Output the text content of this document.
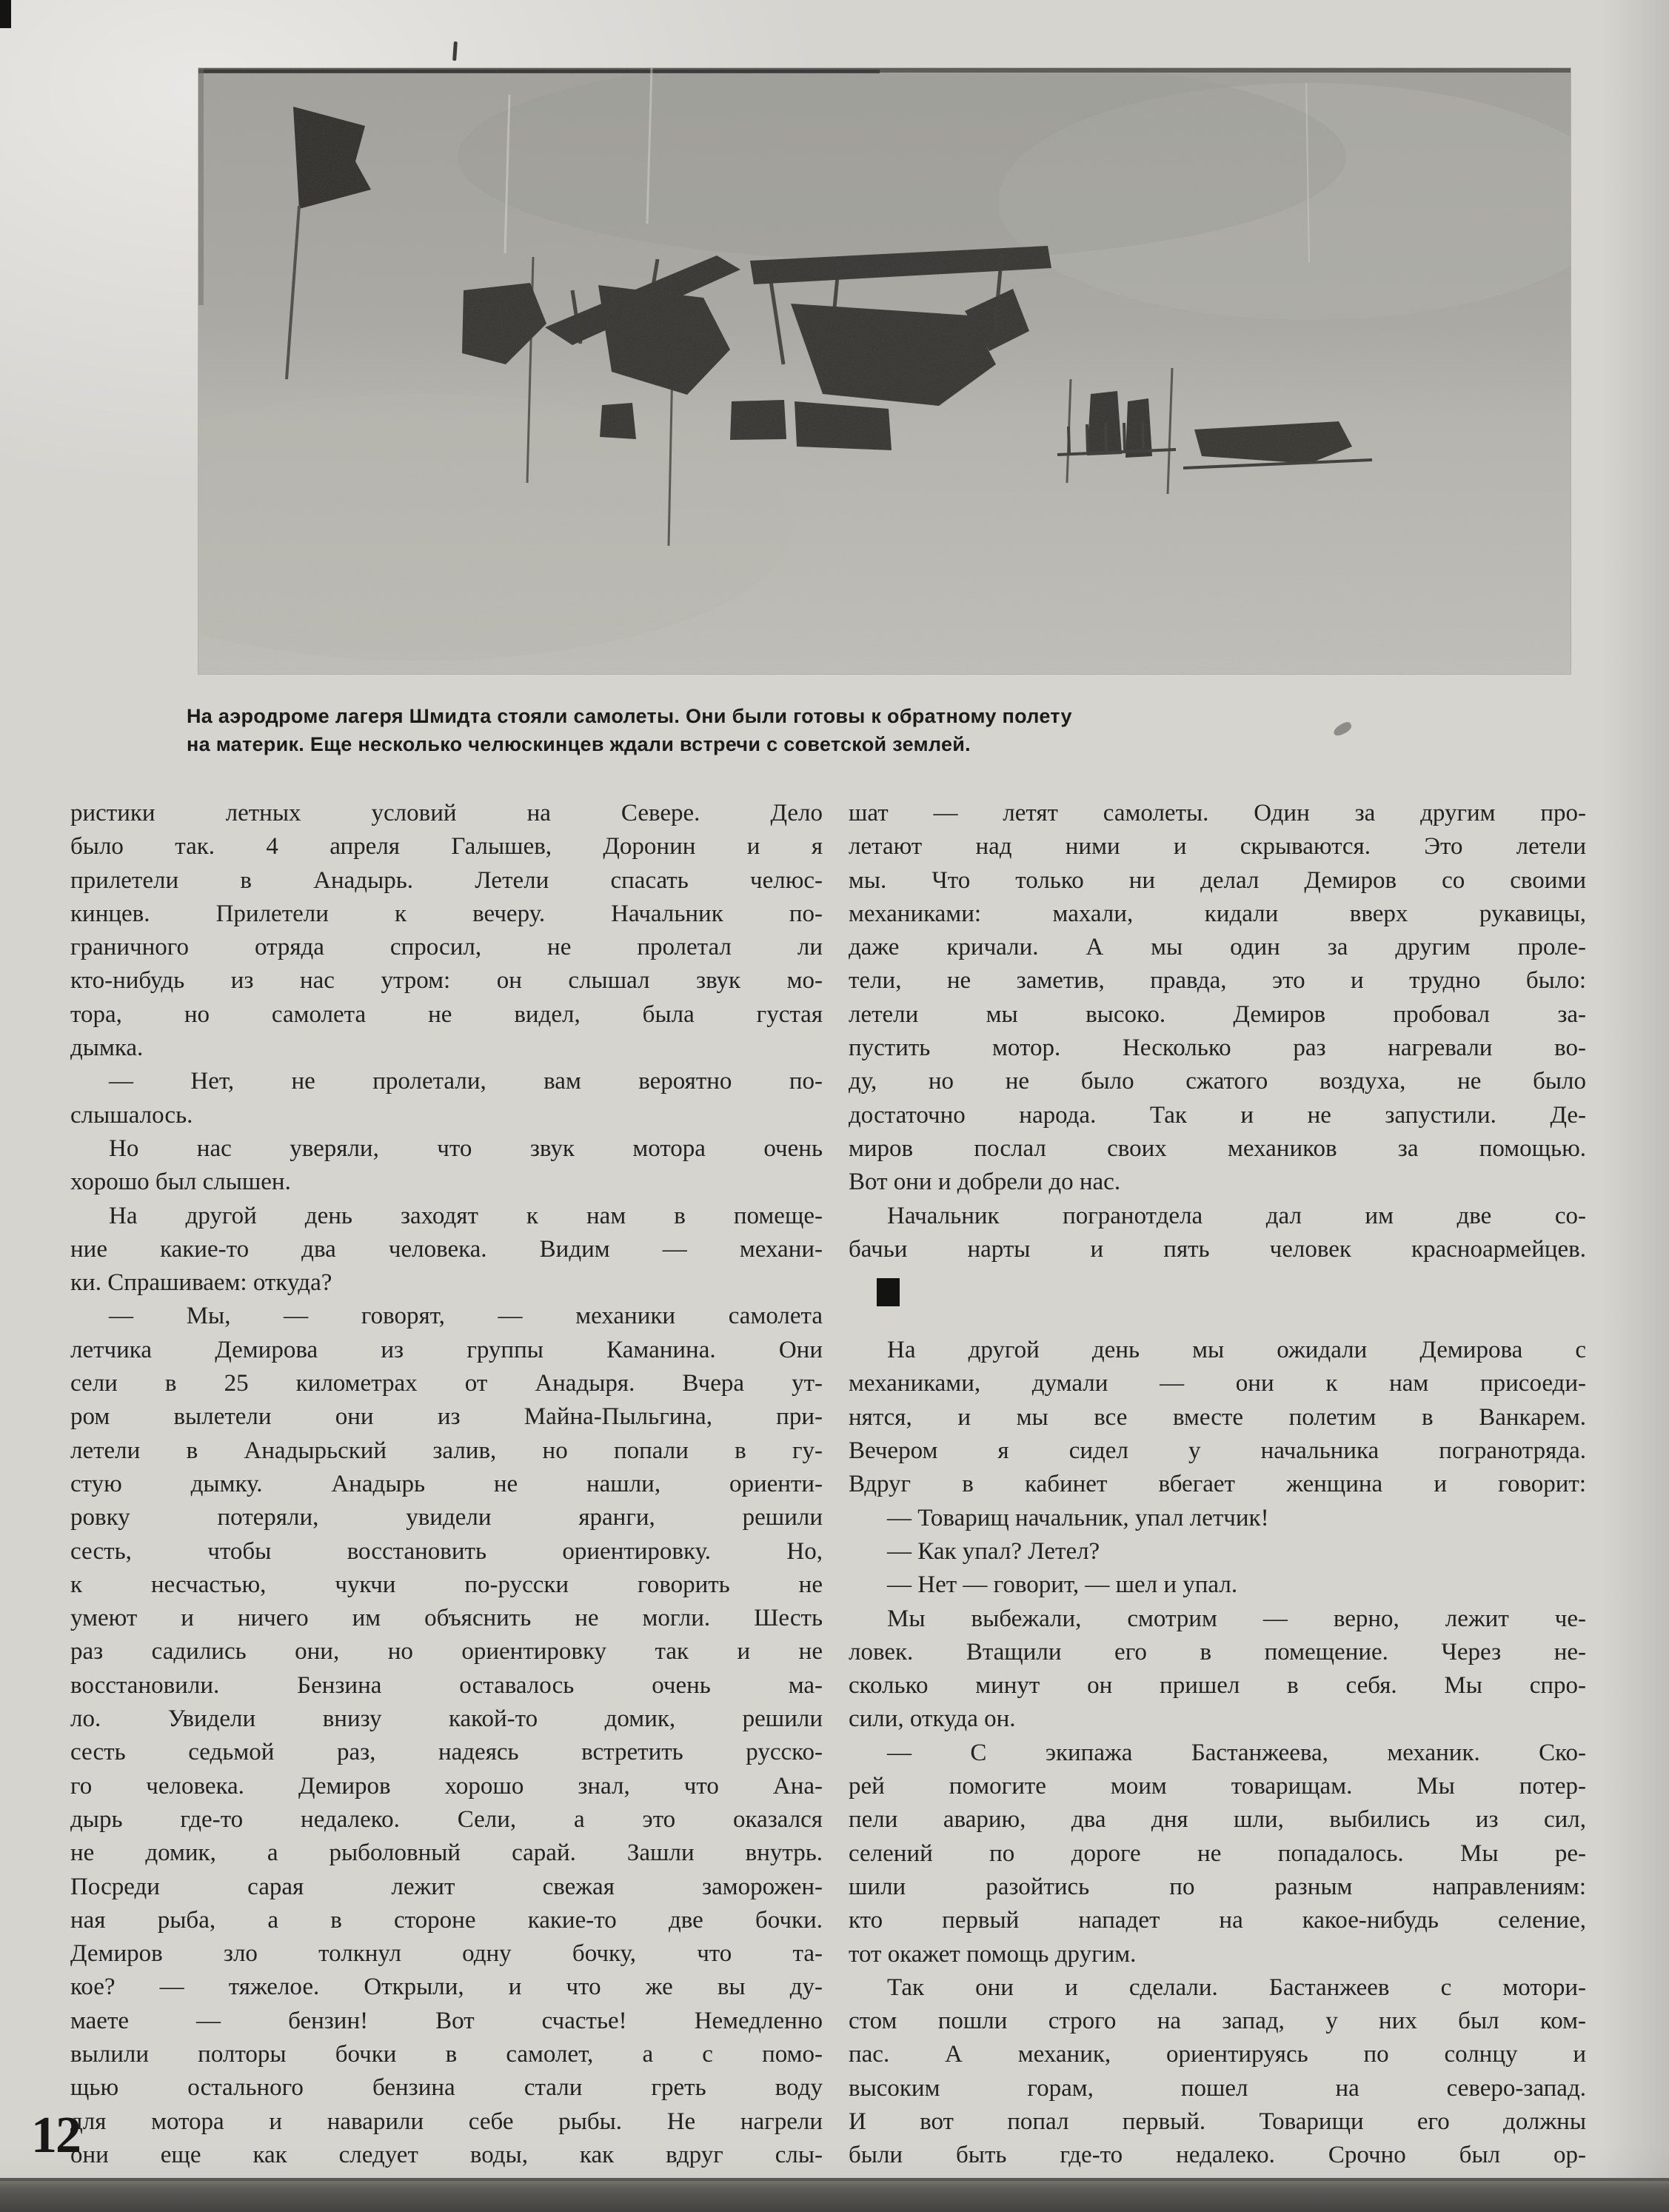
На аэродроме лагеря Шмидта стояли самолеты. Они были готовы к обратному полету
на материк. Еще несколько челюскинцев ждали встречи с советской землей.
ристики летных условий на Севере. Дело
было так. 4 апреля Галышев, Доронин и я
прилетели в Анадырь. Летели спасать челюс-
кинцев. Прилетели к вечеру. Начальник по-
граничного отряда спросил, не пролетал ли
кто-нибудь из нас утром: он слышал звук мо-
тора, но самолета не видел, была густая
дымка.
— Нет, не пролетали, вам вероятно по-
слышалось.
Но нас уверяли, что звук мотора очень
хорошо был слышен.
На другой день заходят к нам в помеще-
ние какие-то два человека. Видим — механи-
ки. Спрашиваем: откуда?
— Мы, — говорят, — механики самолета
летчика Демирова из группы Каманина. Они
сели в 25 километрах от Анадыря. Вчера ут-
ром вылетели они из Майна-Пыльгина, при-
летели в Анадырьский залив, но попали в гу-
стую дымку. Анадырь не нашли, ориенти-
ровку потеряли, увидели яранги, решили
сесть, чтобы восстановить ориентировку. Но,
к несчастью, чукчи по-русски говорить не
умеют и ничего им объяснить не могли. Шесть
раз садились они, но ориентировку так и не
восстановили. Бензина оставалось очень ма-
ло. Увидели внизу какой-то домик, решили
сесть седьмой раз, надеясь встретить русско-
го человека. Демиров хорошо знал, что Ана-
дырь где-то недалеко. Сели, а это оказался
не домик, а рыболовный сарай. Зашли внутрь.
Посреди сарая лежит свежая заморожен-
ная рыба, а в стороне какие-то две бочки.
Демиров зло толкнул одну бочку, что та-
кое? — тяжелое. Открыли, и что же вы ду-
маете — бензин! Вот счастье! Немедленно
вылили полторы бочки в самолет, а с помо-
щью остального бензина стали греть воду
для мотора и наварили себе рыбы. Не нагрели
они еще как следует воды, как вдруг слы-
шат — летят самолеты. Один за другим про-
летают над ними и скрываются. Это летели
мы. Что только ни делал Демиров со своими
механиками: махали, кидали вверх рукавицы,
даже кричали. А мы один за другим проле-
тели, не заметив, правда, это и трудно было:
летели мы высоко. Демиров пробовал за-
пустить мотор. Несколько раз нагревали во-
ду, но не было сжатого воздуха, не было
достаточно народа. Так и не запустили. Де-
миров послал своих механиков за помощью.
Вот они и добрели до нас.
Начальник погранотдела дал им две со-
бачьи нарты и пять человек красноармейцев.
На другой день мы ожидали Демирова с
механиками, думали — они к нам присоеди-
нятся, и мы все вместе полетим в Ванкарем.
Вечером я сидел у начальника погранотряда.
Вдруг в кабинет вбегает женщина и говорит:
— Товарищ начальник, упал летчик!
— Как упал? Летел?
— Нет — говорит, — шел и упал.
Мы выбежали, смотрим — верно, лежит че-
ловек. Втащили его в помещение. Через не-
сколько минут он пришел в себя. Мы спро-
сили, откуда он.
— С экипажа Бастанжеева, механик. Ско-
рей помогите моим товарищам. Мы потер-
пели аварию, два дня шли, выбились из сил,
селений по дороге не попадалось. Мы ре-
шили разойтись по разным направлениям:
кто первый нападет на какое-нибудь селение,
тот окажет помощь другим.
Так они и сделали. Бастанжеев с мотори-
стом пошли строго на запад, у них был ком-
пас. А механик, ориентируясь по солнцу и
высоким горам, пошел на северо-запад.
И вот попал первый. Товарищи его должны
были быть где-то недалеко. Срочно был ор-
12
